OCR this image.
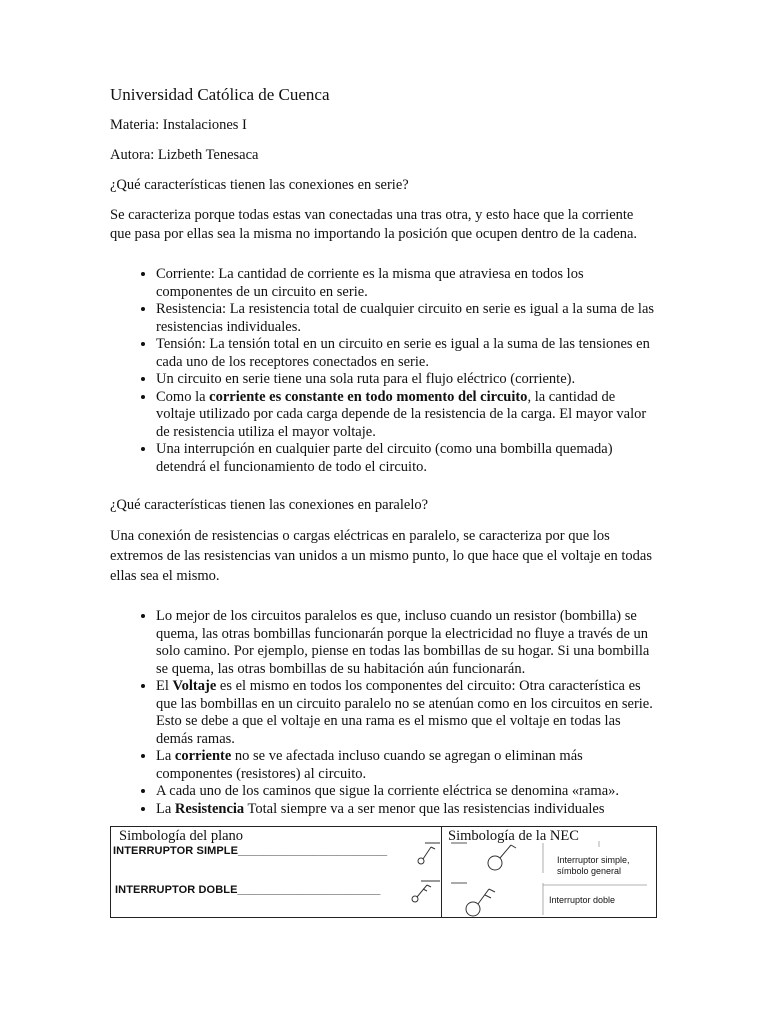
Universidad Católica de Cuenca

Materia: Instalaciones I

Autora: Lizbeth Tenesaca

¿Qué características tienen las conexiones en serie?

Se caracteriza porque todas estas van conectadas una tras otra, y esto hace que la corriente que pasa por ellas sea la misma no importando la posición que ocupen dentro de la cadena.

• Corriente: La cantidad de corriente es la misma que atraviesa en todos los componentes de un circuito en serie.
• Resistencia: La resistencia total de cualquier circuito en serie es igual a la suma de las resistencias individuales.
• Tensión: La tensión total en un circuito en serie es igual a la suma de las tensiones en cada uno de los receptores conectados en serie.
• Un circuito en serie tiene una sola ruta para el flujo eléctrico (corriente).
• Como la corriente es constante en todo momento del circuito, la cantidad de voltaje utilizado por cada carga depende de la resistencia de la carga. El mayor valor de resistencia utiliza el mayor voltaje.
• Una interrupción en cualquier parte del circuito (como una bombilla quemada) detendrá el funcionamiento de todo el circuito.

¿Qué características tienen las conexiones en paralelo?

Una conexión de resistencias o cargas eléctricas en paralelo, se caracteriza por que los extremos de las resistencias van unidos a un mismo punto, lo que hace que el voltaje en todas ellas sea el mismo.

• Lo mejor de los circuitos paralelos es que, incluso cuando un resistor (bombilla) se quema, las otras bombillas funcionarán porque la electricidad no fluye a través de un solo camino. Por ejemplo, piense en todas las bombillas de su hogar. Si una bombilla se quema, las otras bombillas de su habitación aún funcionarán.
• El Voltaje es el mismo en todos los componentes del circuito: Otra característica es que las bombillas en un circuito paralelo no se atenúan como en los circuitos en serie. Esto se debe a que el voltaje en una rama es el mismo que el voltaje en todas las demás ramas.
• La corriente no se ve afectada incluso cuando se agregan o eliminan más componentes (resistores) al circuito.
• A cada uno de los caminos que sigue la corriente eléctrica se denomina «rama».
• La Resistencia Total siempre va a ser menor que las resistencias individuales
Simbología del plano	Simbología de la NEC
INTERRUPTOR SIMPLE________________________
INTERRUPTOR DOBLE_______________________
Interruptor simple,
símbolo general
Interruptor doble
